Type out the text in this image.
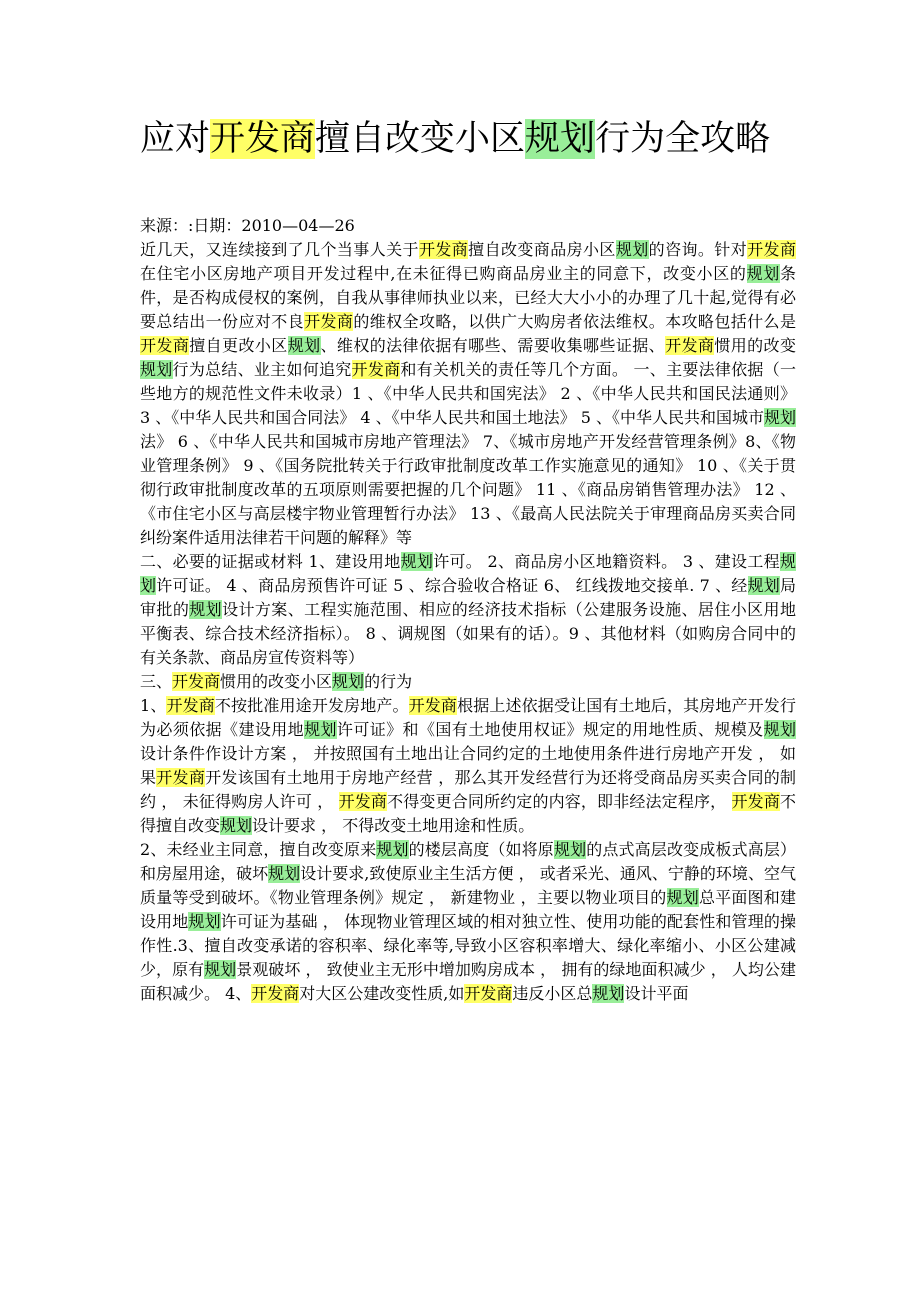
应对开发商擅自改变小区规划行为全攻略

来源：:日期：2010—04—26

近几天，又连续接到了几个当事人关于开发商擅自改变商品房小区规划的咨询。针对开发商在住宅小区房地产项目开发过程中,在未征得已购商品房业主的同意下，改变小区的规划条件，是否构成侵权的案例，自我从事律师执业以来，已经大大小小的办理了几十起,觉得有必要总结出一份应对不良开发商的维权全攻略，以供广大购房者依法维权。本攻略包括什么是开发商擅自更改小区规划、维权的法律依据有哪些、需要收集哪些证据、开发商惯用的改变规划行为总结、业主如何追究开发商和有关机关的责任等几个方面。 一、主要法律依据（一些地方的规范性文件未收录）1 、《中华人民共和国宪法》 2 、《中华人民共和国民法通则》 3 、《中华人民共和国合同法》 4 、《中华人民共和国土地法》 5 、《中华人民共和国城市规划法》 6 、《中华人民共和国城市房地产管理法》 7、《城市房地产开发经营管理条例》8、《物业管理条例》 9 、《国务院批转关于行政审批制度改革工作实施意见的通知》 10 、《关于贯彻行政审批制度改革的五项原则需要把握的几个问题》 11 、《商品房销售管理办法》 12 、《市住宅小区与高层楼宇物业管理暂行办法》 13 、《最高人民法院关于审理商品房买卖合同纠纷案件适用法律若干问题的解释》等

二、必要的证据或材料 1、建设用地规划许可。 2、商品房小区地籍资料。 3 、建设工程规划许可证。 4 、商品房预售许可证 5 、综合验收合格证 6、 红线拨地交接单. 7 、经规划局审批的规划设计方案、工程实施范围、相应的经济技术指标（公建服务设施、居住小区用地平衡表、综合技术经济指标）。 8 、调规图（如果有的话）。9 、其他材料（如购房合同中的有关条款、商品房宣传资料等）

三、开发商惯用的改变小区规划的行为

1、开发商不按批准用途开发房地产。开发商根据上述依据受让国有土地后，其房地产开发行为必须依据《建设用地规划许可证》和《国有土地使用权证》规定的用地性质、规模及规划设计条件作设计方案 ， 并按照国有土地出让合同约定的土地使用条件进行房地产开发 ， 如果开发商开发该国有土地用于房地产经营 ，那么其开发经营行为还将受商品房买卖合同的制约 ， 未征得购房人许可 ， 开发商不得变更合同所约定的内容，即非经法定程序， 开发商不得擅自改变规划设计要求 ， 不得改变土地用途和性质。

2、未经业主同意，擅自改变原来规划的楼层高度（如将原规划的点式高层改变成板式高层）和房屋用途，破坏规划设计要求,致使原业主生活方便 ， 或者采光、通风、宁静的环境、空气质量等受到破坏。《物业管理条例》规定 ， 新建物业 ，主要以物业项目的规划总平面图和建设用地规划许可证为基础 ， 体现物业管理区域的相对独立性、使用功能的配套性和管理的操作性.3、擅自改变承诺的容积率、绿化率等,导致小区容积率增大、绿化率缩小、小区公建减少，原有规划景观破坏 ， 致使业主无形中增加购房成本 ， 拥有的绿地面积减少 ， 人均公建面积减少。 4、开发商对大区公建改变性质,如开发商违反小区总规划设计平面
